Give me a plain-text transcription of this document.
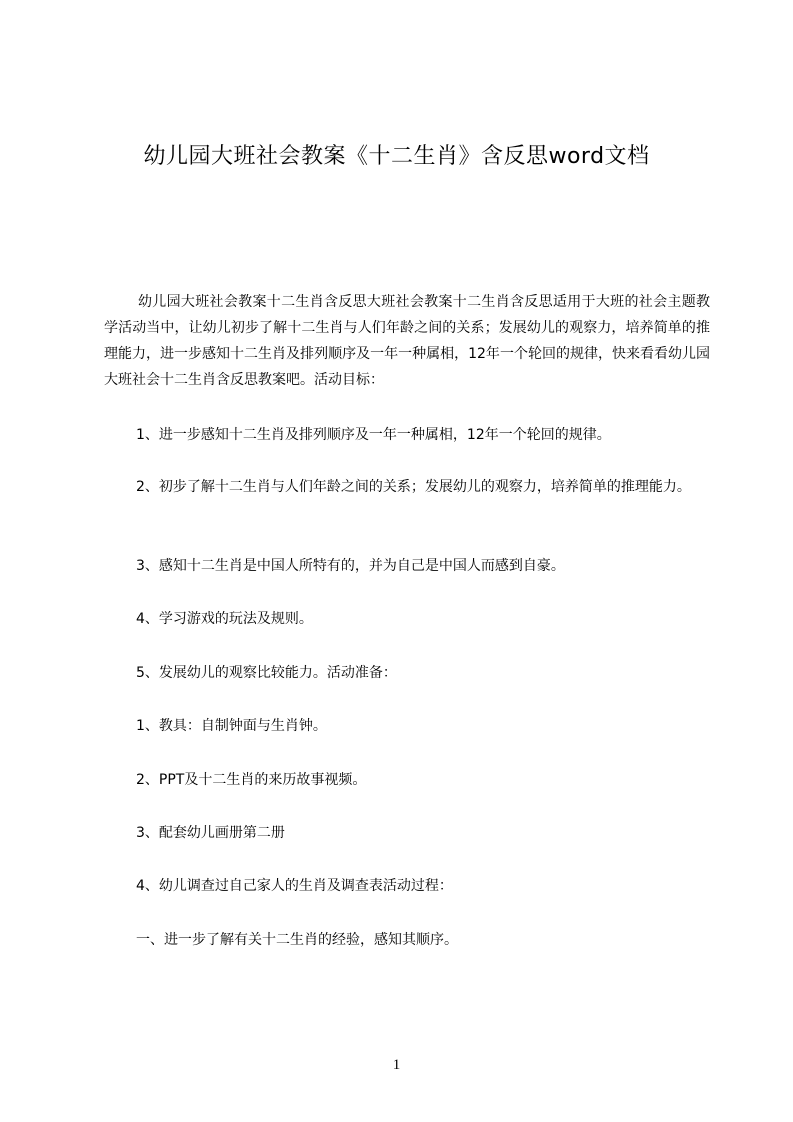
幼儿园大班社会教案《十二生肖》含反思word文档

幼儿园大班社会教案十二生肖含反思大班社会教案十二生肖含反思适用于大班的社会主题教学活动当中，让幼儿初步了解十二生肖与人们年龄之间的关系；发展幼儿的观察力，培养简单的推理能力，进一步感知十二生肖及排列顺序及一年一种属相，12年一个轮回的规律，快来看看幼儿园大班社会十二生肖含反思教案吧。活动目标：

1、进一步感知十二生肖及排列顺序及一年一种属相，12年一个轮回的规律。

2、初步了解十二生肖与人们年龄之间的关系；发展幼儿的观察力，培养简单的推理能力。

3、感知十二生肖是中国人所特有的，并为自己是中国人而感到自豪。

4、学习游戏的玩法及规则。

5、发展幼儿的观察比较能力。活动准备：

1、教具：自制钟面与生肖钟。

2、PPT及十二生肖的来历故事视频。

3、配套幼儿画册第二册

4、幼儿调查过自己家人的生肖及调查表活动过程：

一、进一步了解有关十二生肖的经验，感知其顺序。

1
